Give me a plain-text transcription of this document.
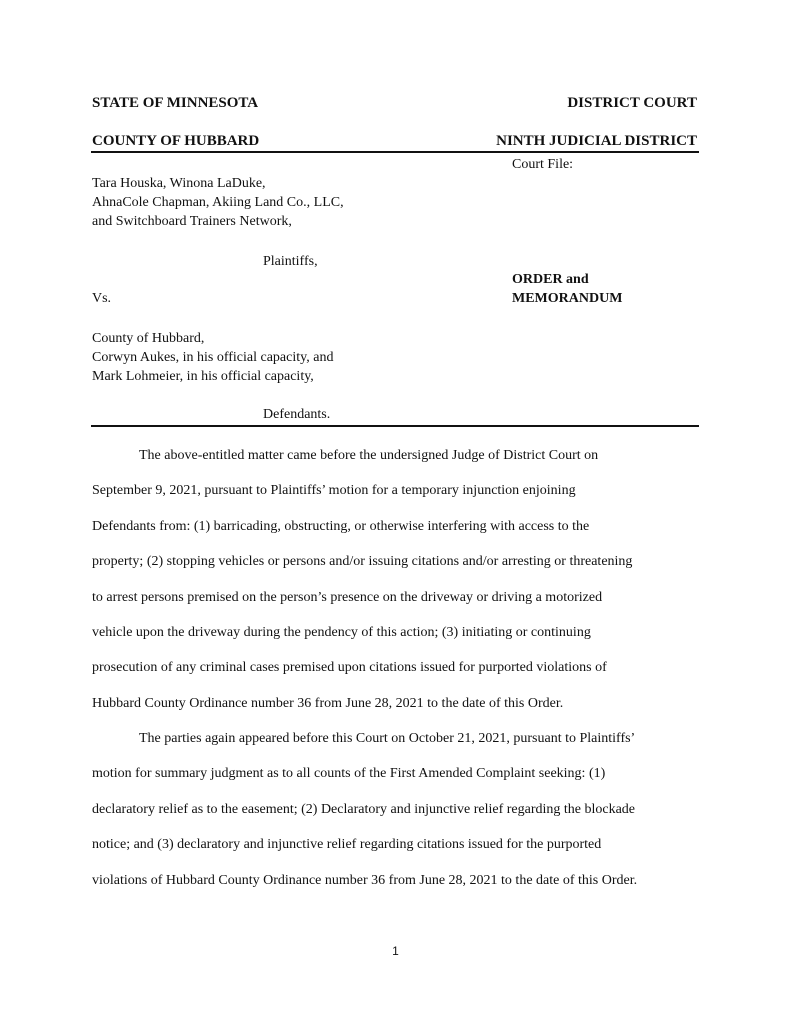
STATE OF MINNESOTA	DISTRICT COURT
COUNTY OF HUBBARD	NINTH JUDICIAL DISTRICT
Court File:
Tara Houska, Winona LaDuke,
AhnaCole Chapman, Akiing Land Co., LLC,
and Switchboard Trainers Network,
Plaintiffs,
ORDER and
MEMORANDUM
Vs.
County of Hubbard,
Corwyn Aukes, in his official capacity, and
Mark Lohmeier, in his official capacity,
Defendants.
The above-entitled matter came before the undersigned Judge of District Court on
September 9, 2021, pursuant to Plaintiffs’ motion for a temporary injunction enjoining
Defendants from: (1) barricading, obstructing, or otherwise interfering with access to the
property; (2) stopping vehicles or persons and/or issuing citations and/or arresting or threatening
to arrest persons premised on the person’s presence on the driveway or driving a motorized
vehicle upon the driveway during the pendency of this action; (3) initiating or continuing
prosecution of any criminal cases premised upon citations issued for purported violations of
Hubbard County Ordinance number 36 from June 28, 2021 to the date of this Order.
The parties again appeared before this Court on October 21, 2021, pursuant to Plaintiffs’
motion for summary judgment as to all counts of the First Amended Complaint seeking: (1)
declaratory relief as to the easement; (2) Declaratory and injunctive relief regarding the blockade
notice; and (3) declaratory and injunctive relief regarding citations issued for the purported
violations of Hubbard County Ordinance number 36 from June 28, 2021 to the date of this Order.
1
